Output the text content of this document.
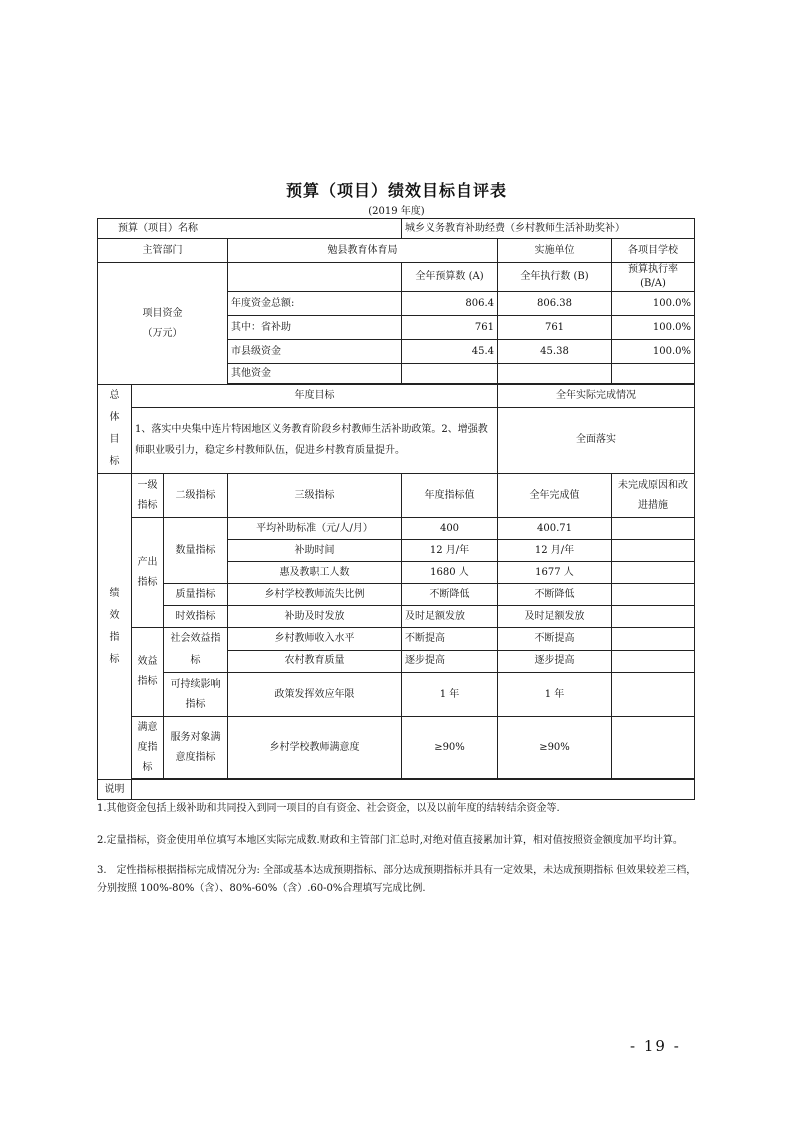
预算（项目）绩效目标自评表
(2019 年度)
预算（项目）名称				城乡义务教育补助经费（乡村教师生活补助奖补）		
主管部门			勉县教育体育局		实施单位	各项目学校

项目资金
（万元）				全年预算数 (A)	全年执行数 (B)	预算执行率 (B/A)
			年度资金总额:	806.4	806.38	100.0%
			其中：省补助	761	761	100.0%
			市县级资金	45.4	45.38	100.0%
			其他资金			

总
体
目
标	年度目标				全年实际完成情况	
	1、落实中央集中连片特困地区义务教育阶段乡村教师生活补助政策。2、增强教师职业吸引力，稳定乡村教师队伍，促进乡村教育质量提升。				全面落实	

绩
效
指
标	一级指标	二级指标	三级指标	年度指标值	全年完成值	未完成原因和改进措施
	产出指标	数量指标	平均补助标准（元/人/月）	400	400.71	
			补助时间	12 月/年	12 月/年	
			惠及教职工人数	1680 人	1677 人	
		质量指标	乡村学校教师流失比例	不断降低	不断降低	
		时效指标	补助及时发放	及时足额发放	及时足额发放	
	效益指标	社会效益指标	乡村教师收入水平	不断提高	不断提高	
			农村教育质量	逐步提高	逐步提高	
		可持续影响指标	政策发挥效应年限	1 年	1 年	
	满意度指标	服务对象满意度指标	乡村学校教师满意度	≥90%	≥90%	

说明						
1.其他资金包括上级补助和共同投入到同一项目的自有资金、社会资金，以及以前年度的结转结余资金等.
2.定量指标，资金使用单位填写本地区实际完成数.财政和主管部门汇总时,对绝对值直接累加计算，相对值按照资金额度加平均计算。
3.　定性指标根据指标完成情况分为: 全部或基本达成预期指标、部分达成预期指标并具有一定效果，未达成预期指标 但效果较差三档，分别按照 100%-80%（含）、80%-60%（含）.60-0%合理填写完成比例.
- 19 -
